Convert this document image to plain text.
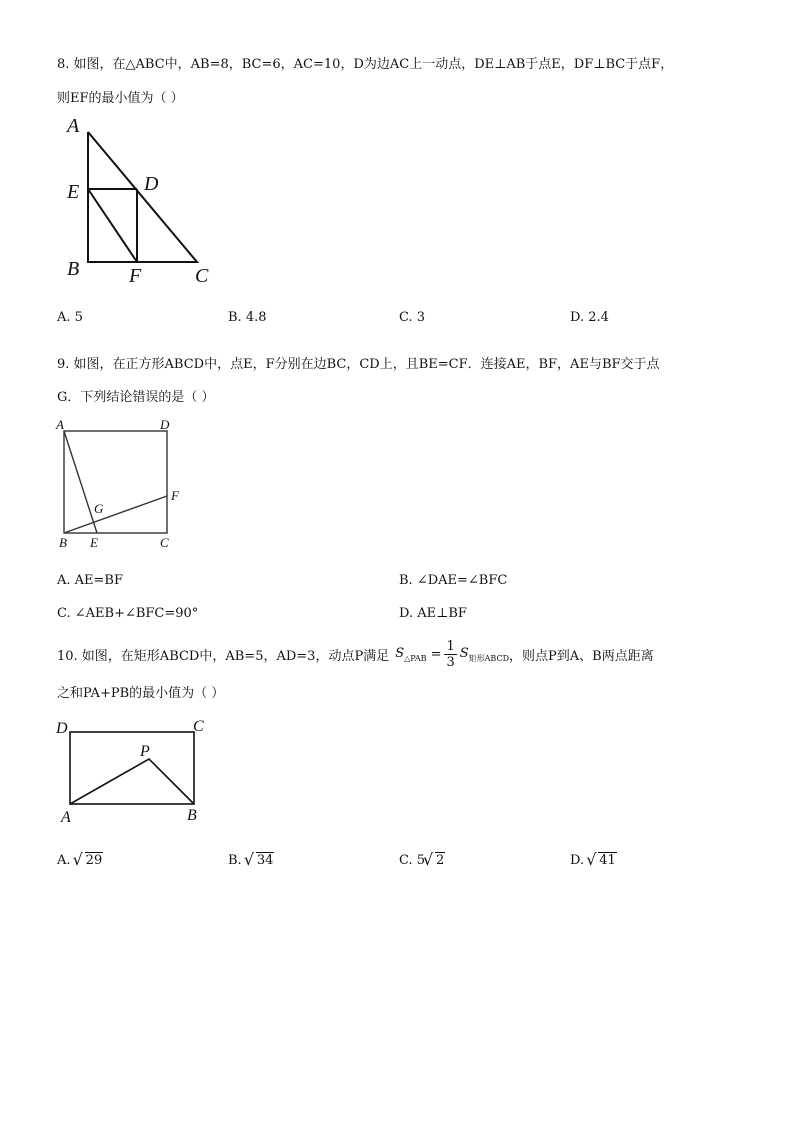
8. 如图，在△ABC中，AB=8，BC=6，AC=10，D为边AC上一动点，DE⊥AB于点E，DF⊥BC于点F，
则EF的最小值为（ ）
A
E	D
B F	C
A. 5	B. 4.8	C. 3	D. 2.4
9. 如图，在正方形ABCD中，点E，F分别在边BC，CD上，且BE=CF．连接AE，BF，AE与BF交于点
G．下列结论错误的是（ ）
A	D
F
G
B E	C
A. AE=BF	B. ∠DAE=∠BFC
C. ∠AEB+∠BFC=90°	D. AE⊥BF
10. 如图，在矩形ABCD中，AB=5，AD=3，动点P满足 $S_{\triangle PAB} = \frac{1}{3} S_{矩形ABCD}$ ，则点P到A、B两点距离
之和PA+PB的最小值为（ ）
D	C
P
A	B
A. √ 29	B. √ 34	C. 5 √ 2	D. √ 41
